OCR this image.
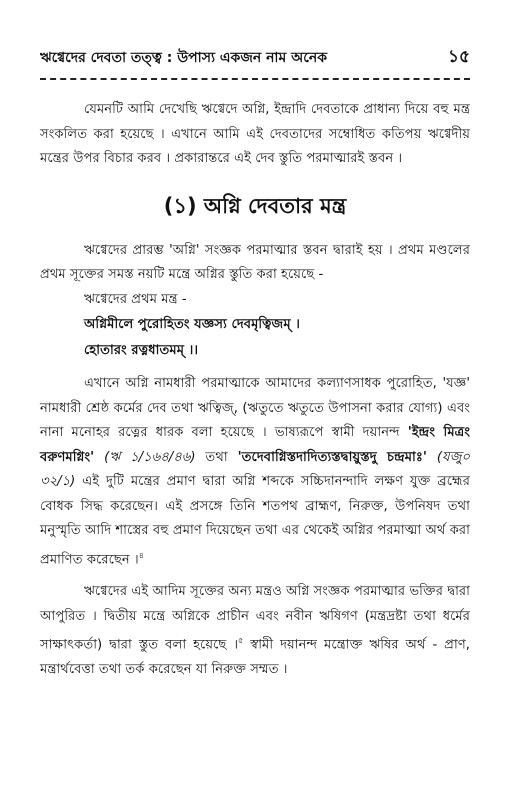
ঋগ্বেদের দেবতা তত্ত্ব : উপাস্য একজন নাম অনেক	১৫

যেমনটি আমি দেখেছি ঋগ্বেদে অগ্নি, ইন্দ্রাদি দেবতাকে প্রাধান্য দিয়ে বহু মন্ত্র সংকলিত করা হয়েছে । এখানে আমি এই দেবতাদের সম্বোধিত কতিপয় ঋগ্বেদীয় মন্ত্রের উপর বিচার করব । প্রকারান্তরে এই দেব স্তুতি পরমাত্মারই স্তবন ।

(১) অগ্নি দেবতার মন্ত্র

ঋগ্বেদের প্রারম্ভ 'অগ্নি' সংজ্ঞক পরমাত্মার স্তবন দ্বারাই হয় । প্রথম মণ্ডলের প্রথম সূক্তের সমস্ত নয়টি মন্ত্রে অগ্নির স্তুতি করা হয়েছে -

ঋগ্বেদের প্রথম মন্ত্র -

অগ্নিমীলে পুরোহিতং যজ্ঞস্য দেবমৃত্বিজম্ ।
হোতারং রত্নধাতমম্ ।।

এখানে অগ্নি নামধারী পরমাত্মাকে আমাদের কল্যাণসাধক পুরোহিত, 'যজ্ঞ' নামধারী শ্রেষ্ঠ কর্মের দেব তথা ঋত্বিজ্, (ঋতুতে ঋতুতে উপাসনা করার যোগ্য) এবং নানা মনোহর রত্নের ধারক বলা হয়েছে । ভাষ্যরূপে স্বামী দয়ানন্দ 'ইন্দ্রং মিত্রং বরুণমগ্নিং' (ঋ ১/১৬৪/৪৬) তথা 'তদেবাগ্নিস্তদাদিত্যস্তদ্বায়ুস্তদু চন্দ্রমাঃ' (যজু০ ৩২/১) এই দুটি মন্ত্রের প্রমাণ দ্বারা অগ্নি শব্দকে সচ্চিদানন্দাদি লক্ষণ যুক্ত ব্রহ্মের বোধক সিদ্ধ করেছেন। এই প্রসঙ্গে তিনি শতপথ ব্রাহ্মণ, নিরুক্ত, উপনিষদ তথা মনুস্মৃতি আদি শাস্ত্রের বহু প্রমাণ দিয়েছেন তথা এর থেকেই অগ্নির পরমাত্মা অর্থ করা প্রমাণিত করেছেন ।$^৪$

ঋগ্বেদের এই আদিম সূক্তের অন্য মন্ত্রও অগ্নি সংজ্ঞক পরমাত্মার ভক্তির দ্বারা আপুরিত । দ্বিতীয় মন্ত্রে অগ্নিকে প্রাচীন এবং নবীন ঋষিগণ (মন্ত্রদ্রষ্টা তথা ধর্মের সাক্ষাৎকর্তা) দ্বারা স্তুত বলা হয়েছে ।$^৫$ স্বামী দয়ানন্দ মন্ত্রোক্ত ঋষির অর্থ - প্রাণ, মন্ত্রার্থবেত্তা তথা তর্ক করেছেন যা নিরুক্ত সম্মত ।
